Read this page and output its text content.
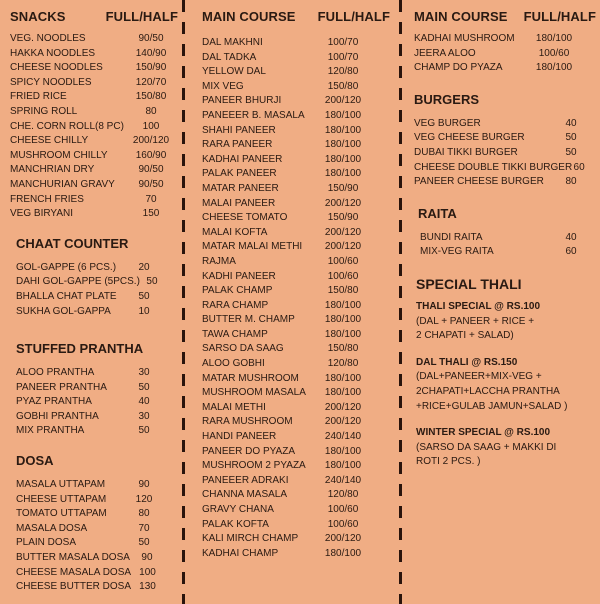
SNACKS	FULL/HALF
VEG. NOODLES	90/50
HAKKA NOODLES	140/90
CHEESE NOODLES	150/90
SPICY NOODLES	120/70
FRIED RICE	150/80
SPRING ROLL	80
CHE. CORN ROLL(8 PC)	100
CHEESE CHILLY	200/120
MUSHROOM CHILLY	160/90
MANCHRIAN DRY	90/50
MANCHURIAN GRAVY	90/50
FRENCH FRIES	70
VEG BIRYANI	150
CHAAT COUNTER
GOL-GAPPE (6 PCS.)	20
DAHI GOL-GAPPE (5PCS.) 50
BHALLA CHAT PLATE	50
SUKHA GOL-GAPPA	10
STUFFED PRANTHA
ALOO PRANTHA	30
PANEER PRANTHA	50
PYAZ PRANTHA	40
GOBHI PRANTHA	30
MIX PRANTHA	50
DOSA
MASALA UTTAPAM	90
CHEESE UTTAPAM	120
TOMATO UTTAPAM	80
MASALA DOSA	70
PLAIN DOSA	50
BUTTER MASALA DOSA	90
CHEESE MASALA DOSA 100
CHEESE BUTTER DOSA 130
MAIN COURSE FULL/HALF
DAL MAKHNI	100/70
DAL TADKA	100/70
YELLOW DAL	120/80
MIX VEG	150/80
PANEER BHURJI	200/120
PANEEER B. MASALA	180/100
SHAHI PANEER	180/100
RARA PANEER	180/100
KADHAI PANEER	180/100
PALAK PANEER	180/100
MATAR PANEER	150/90
MALAI PANEER	200/120
CHEESE TOMATO	150/90
MALAI KOFTA	200/120
MATAR MALAI METHI	200/120
RAJMA	100/60
KADHI PANEER	100/60
PALAK CHAMP	150/80
RARA CHAMP	180/100
BUTTER M. CHAMP	180/100
TAWA CHAMP	180/100
SARSO DA SAAG	150/80
ALOO GOBHI	120/80
MATAR MUSHROOM	180/100
MUSHROOM MASALA	180/100
MALAI METHI	200/120
RARA MUSHROOM	200/120
HANDI PANEER	240/140
PANEER DO PYAZA	180/100
MUSHROOM 2 PYAZA	180/100
PANEEER ADRAKI	240/140
CHANNA MASALA	120/80
GRAVY CHANA	100/60
PALAK KOFTA	100/60
KALI MIRCH CHAMP	200/120
KADHAI CHAMP	180/100
MAIN COURSE FULL/HALF
KADHAI MUSHROOM	180/100
JEERA ALOO	100/60
CHAMP DO PYAZA	180/100
BURGERS
VEG BURGER	40
VEG CHEESE BURGER	50
DUBAI TIKKI BURGER	50
CHEESE DOUBLE TIKKI BURGER 60
PANEER CHEESE BURGER	80
RAITA
BUNDI RAITA	40
MIX-VEG RAITA	60
SPECIAL THALI
THALI SPECIAL @ RS.100
(DAL + PANEER + RICE +
2 CHAPATI + SALAD)
DAL THALI @ RS.150
(DAL+PANEER+MIX-VEG +
2CHAPATI+LACCHA PRANTHA
+RICE+GULAB JAMUN+SALAD )
WINTER SPECIAL @ RS.100
(SARSO DA SAAG + MAKKI DI
ROTI 2 PCS. )
